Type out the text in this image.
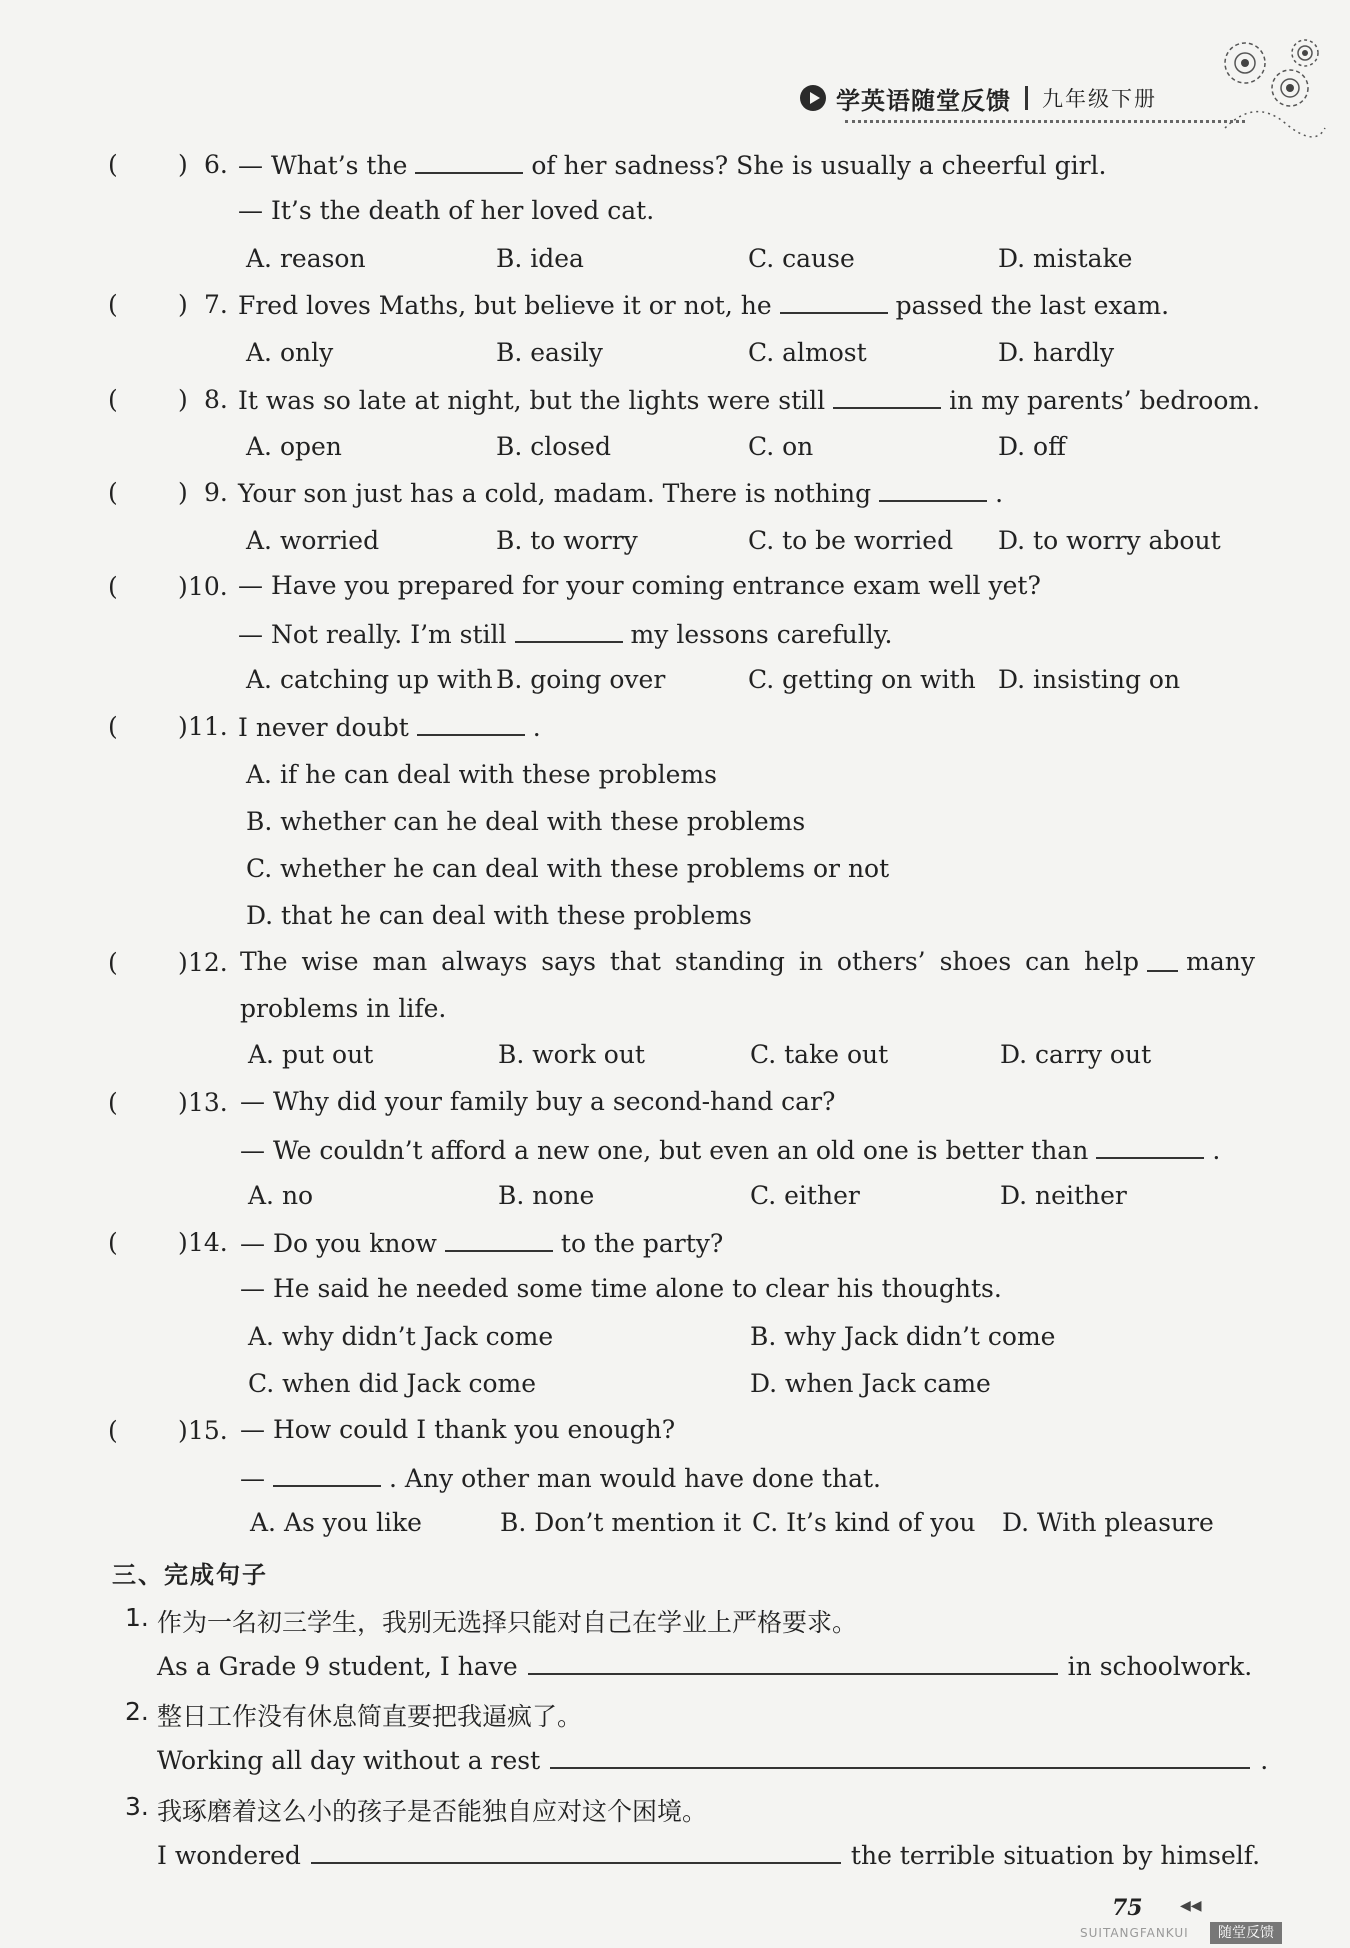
学英语随堂反馈 九年级下册
( ) 6. — What’s the	of her sadness? She is usually a cheerful girl.
— It’s the death of her loved cat.
A. reason	B. idea	C. cause	D. mistake
( ) 7. Fred loves Maths, but believe it or not, he	passed the last exam.
A. only	B. easily	C. almost	D. hardly
( ) 8. It was so late at night, but the lights were still	in my parents’ bedroom.
A. open	B. closed	C. on	D. off
( ) 9. Your son just has a cold, madam. There is nothing	.
A. worried	B. to worry	C. to be worried D. to worry about
( ) 10. — Have you prepared for your coming entrance exam well yet?
— Not really. I’m still	my lessons carefully.
A. catching up with B. going over	C. getting on with D. insisting on
( ) 11. I never doubt	.
A. if he can deal with these problems
B. whether can he deal with these problems
C. whether he can deal with these problems or not
D. that he can deal with these problems
( ) 12. The wise man always says that standing in others’ shoes can help many
problems in life.
A. put out	B. work out	C. take out	D. carry out
( ) 13. — Why did your family buy a second-hand car?
— We couldn’t afford a new one, but even an old one is better than	.
A. no	B. none	C. either	D. neither
( ) 14. — Do you know	to the party?
— He said he needed some time alone to clear his thoughts.
A. why didn’t Jack come	B. why Jack didn’t come
C. when did Jack come	D. when Jack came
( ) 15. — How could I thank you enough?
—	. Any other man would have done that.
A. As you like	B. Don’t mention it C. It’s kind of you D. With pleasure
三、完成句子
1. 作为一名初三学生，我别无选择只能对自己在学业上严格要求。
As a Grade 9 student, I have	in schoolwork.
2. 整日工作没有休息简直要把我逼疯了。
Working all day without a rest	.
3. 我琢磨着这么小的孩子是否能独自应对这个困境。
I wondered	the terrible situation by himself.
75	◀◀
SUITANGFANKUI	随堂反馈
